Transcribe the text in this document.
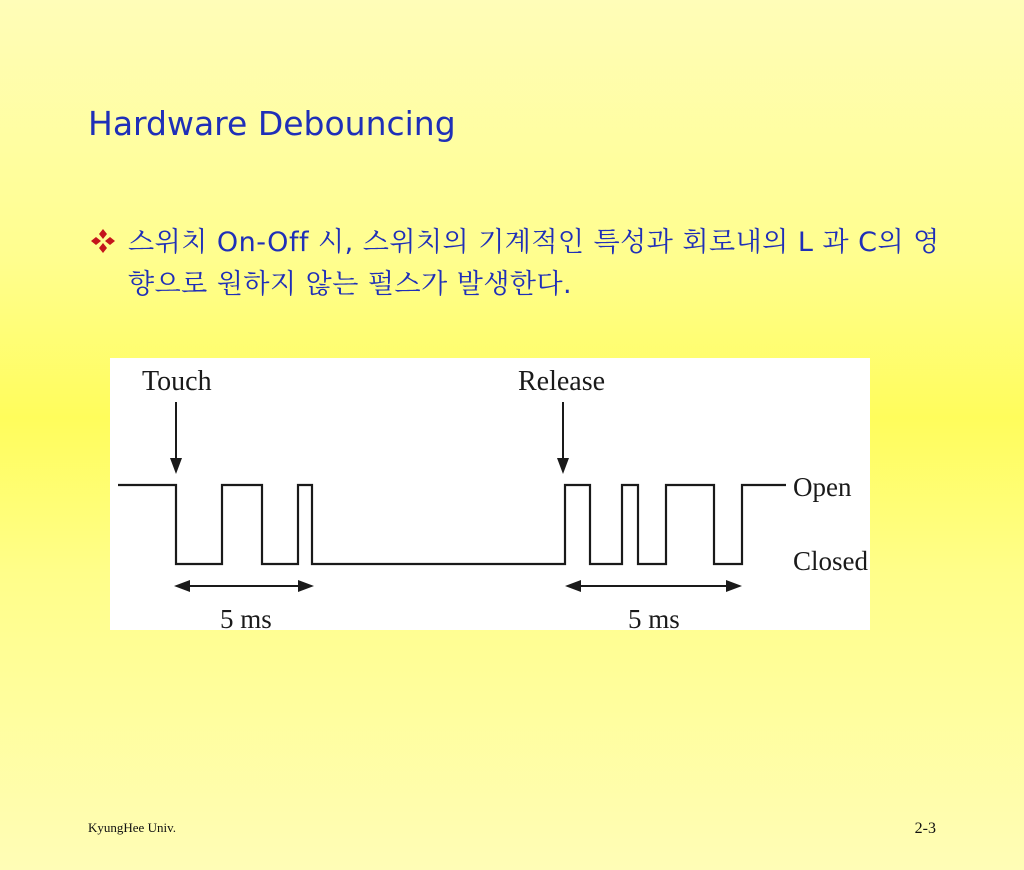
Hardware Debouncing
스위치 On-Off 시, 스위치의 기계적인 특성과 회로내의 L 과 C의 영향으로 원하지 않는 펄스가 발생한다.
Touch	Release
Open
Closed
5 ms	5 ms
KyungHee Univ.	2-3
